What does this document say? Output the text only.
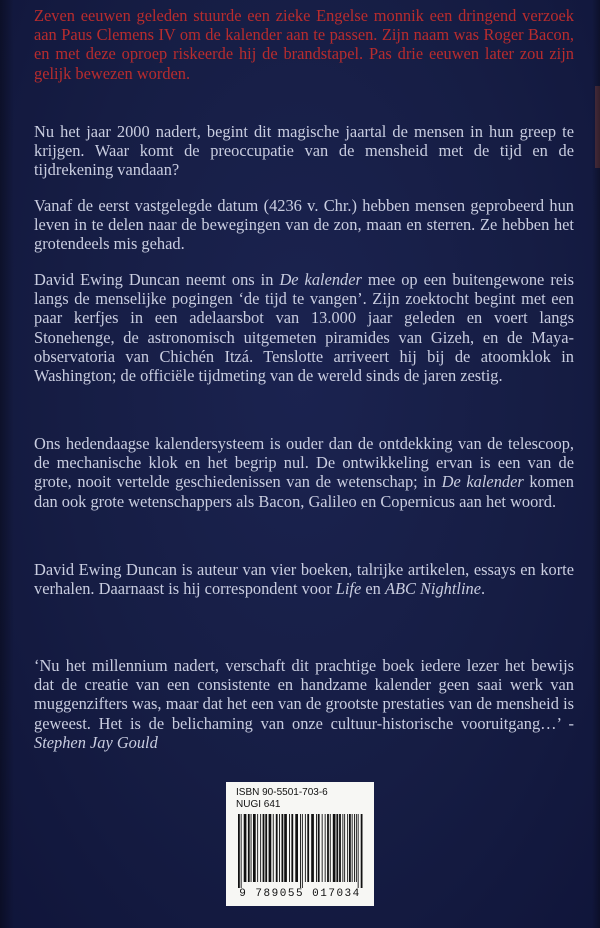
Zeven eeuwen geleden stuurde een zieke Engelse monnik een dringend verzoek aan Paus Clemens IV om de kalender aan te passen. Zijn naam was Roger Bacon, en met deze oproep riskeerde hij de brandstapel. Pas drie eeuwen later zou zijn gelijk bewezen worden.

Nu het jaar 2000 nadert, begint dit magische jaartal de mensen in hun greep te krijgen. Waar komt de preoccupatie van de mensheid met de tijd en de tijdrekening vandaan?

Vanaf de eerst vastgelegde datum (4236 v. Chr.) hebben mensen geprobeerd hun leven in te delen naar de bewegingen van de zon, maan en sterren. Ze hebben het grotendeels mis gehad.

David Ewing Duncan neemt ons in De kalender mee op een buitengewone reis langs de menselijke pogingen ‘de tijd te vangen’. Zijn zoektocht begint met een paar kerfjes in een adelaarsbot van 13.000 jaar geleden en voert langs Stonehenge, de astronomisch uitgemeten piramides van Gizeh, en de Maya-observatoria van Chichén Itzá. Tenslotte arriveert hij bij de atoomklok in Washington; de officiële tijdmeting van de wereld sinds de jaren zestig.

Ons hedendaagse kalendersysteem is ouder dan de ontdekking van de telescoop, de mechanische klok en het begrip nul. De ontwikkeling ervan is een van de grote, nooit vertelde geschiedenissen van de wetenschap; in De kalender komen dan ook grote wetenschappers als Bacon, Galileo en Copernicus aan het woord.

David Ewing Duncan is auteur van vier boeken, talrijke artikelen, essays en korte verhalen. Daarnaast is hij correspondent voor Life en ABC Nightline.

‘Nu het millennium nadert, verschaft dit prachtige boek iedere lezer het bewijs dat de creatie van een consistente en handzame kalender geen saai werk van muggenzifters was, maar dat het een van de grootste prestaties van de mensheid is geweest. Het is de belichaming van onze cultuur-historische vooruitgang…’ - Stephen Jay Gould

ISBN 90-5501-703-6
NUGI 641
9 789055 017034
